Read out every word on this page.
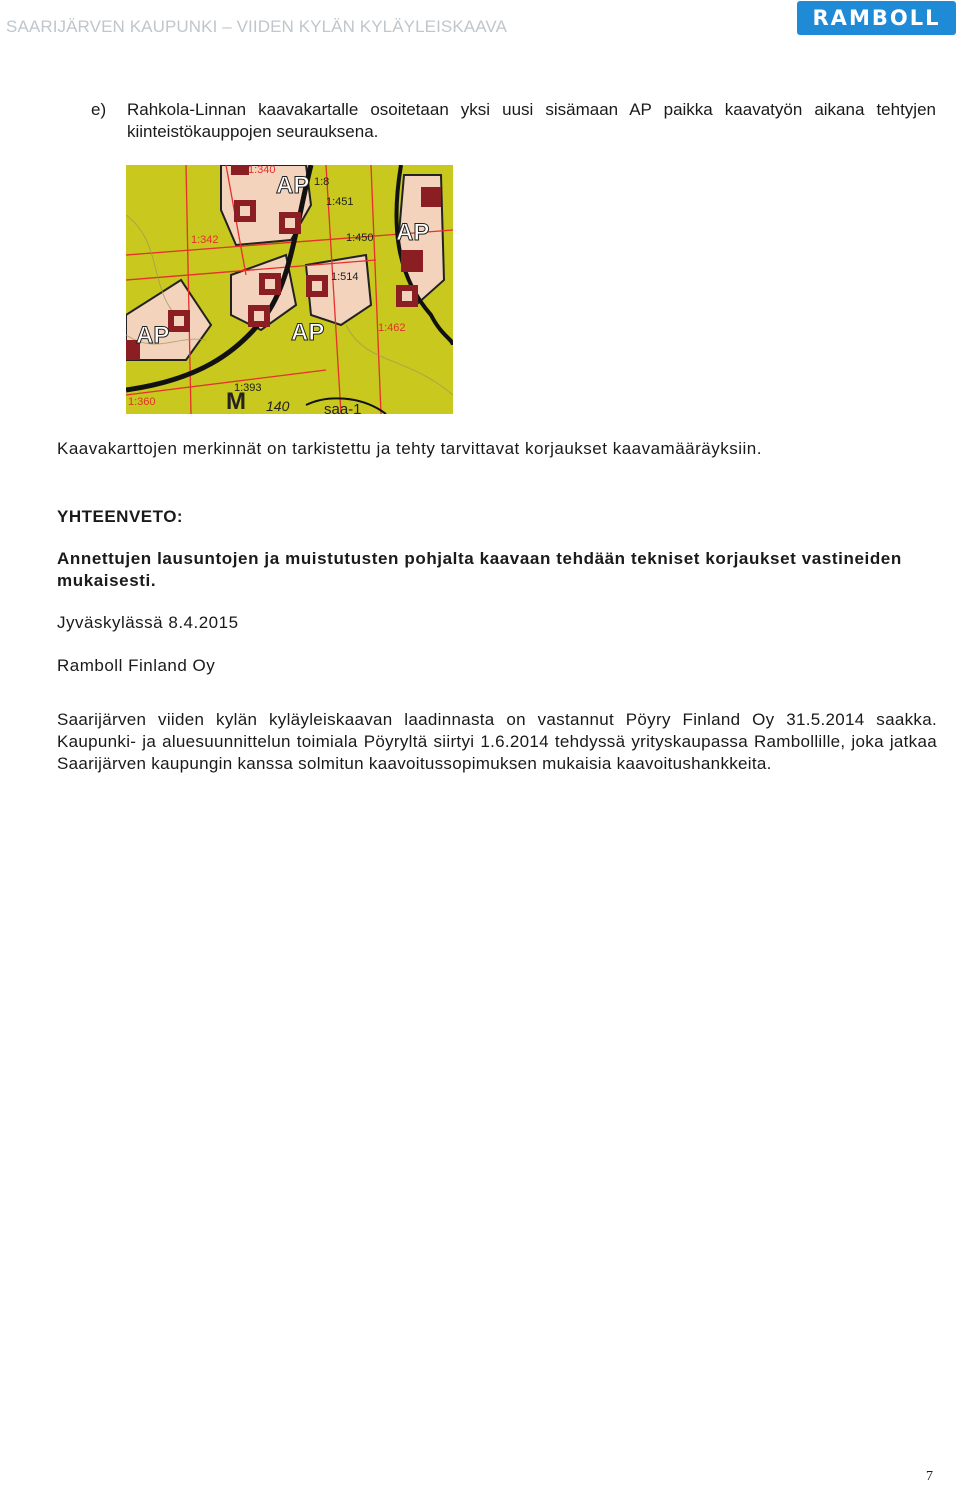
SAARIJÄRVEN KAUPUNKI – VIIDEN KYLÄN KYLÄYLEISKAAVA	RAMBOLL
e) Rahkola-Linnan kaavakartalle osoitetaan yksi uusi sisämaan AP paikka kaavatyön aikana tehtyjen kiinteistökauppojen seurauksena.
1:340
AP 1:8
1:451
AP
1:342	1:450
1:514
AP	AP	1:462
1:393
M 140 saa-1
1:360
Kaavakarttojen merkinnät on tarkistettu ja tehty tarvittavat korjaukset kaavamääräyksiin.
YHTEENVETO:
Annettujen lausuntojen ja muistutusten pohjalta kaavaan tehdään tekniset korjaukset vastineiden mukaisesti.
Jyväskylässä 8.4.2015
Ramboll Finland Oy
Saarijärven viiden kylän kyläyleiskaavan laadinnasta on vastannut Pöyry Finland Oy 31.5.2014 saakka. Kaupunki- ja aluesuunnittelun toimiala Pöyryltä siirtyi 1.6.2014 tehdyssä yrityskaupassa Rambollille, joka jatkaa Saarijärven kaupungin kanssa solmitun kaavoitussopimuksen mukaisia kaavoitushankkeita.
7
